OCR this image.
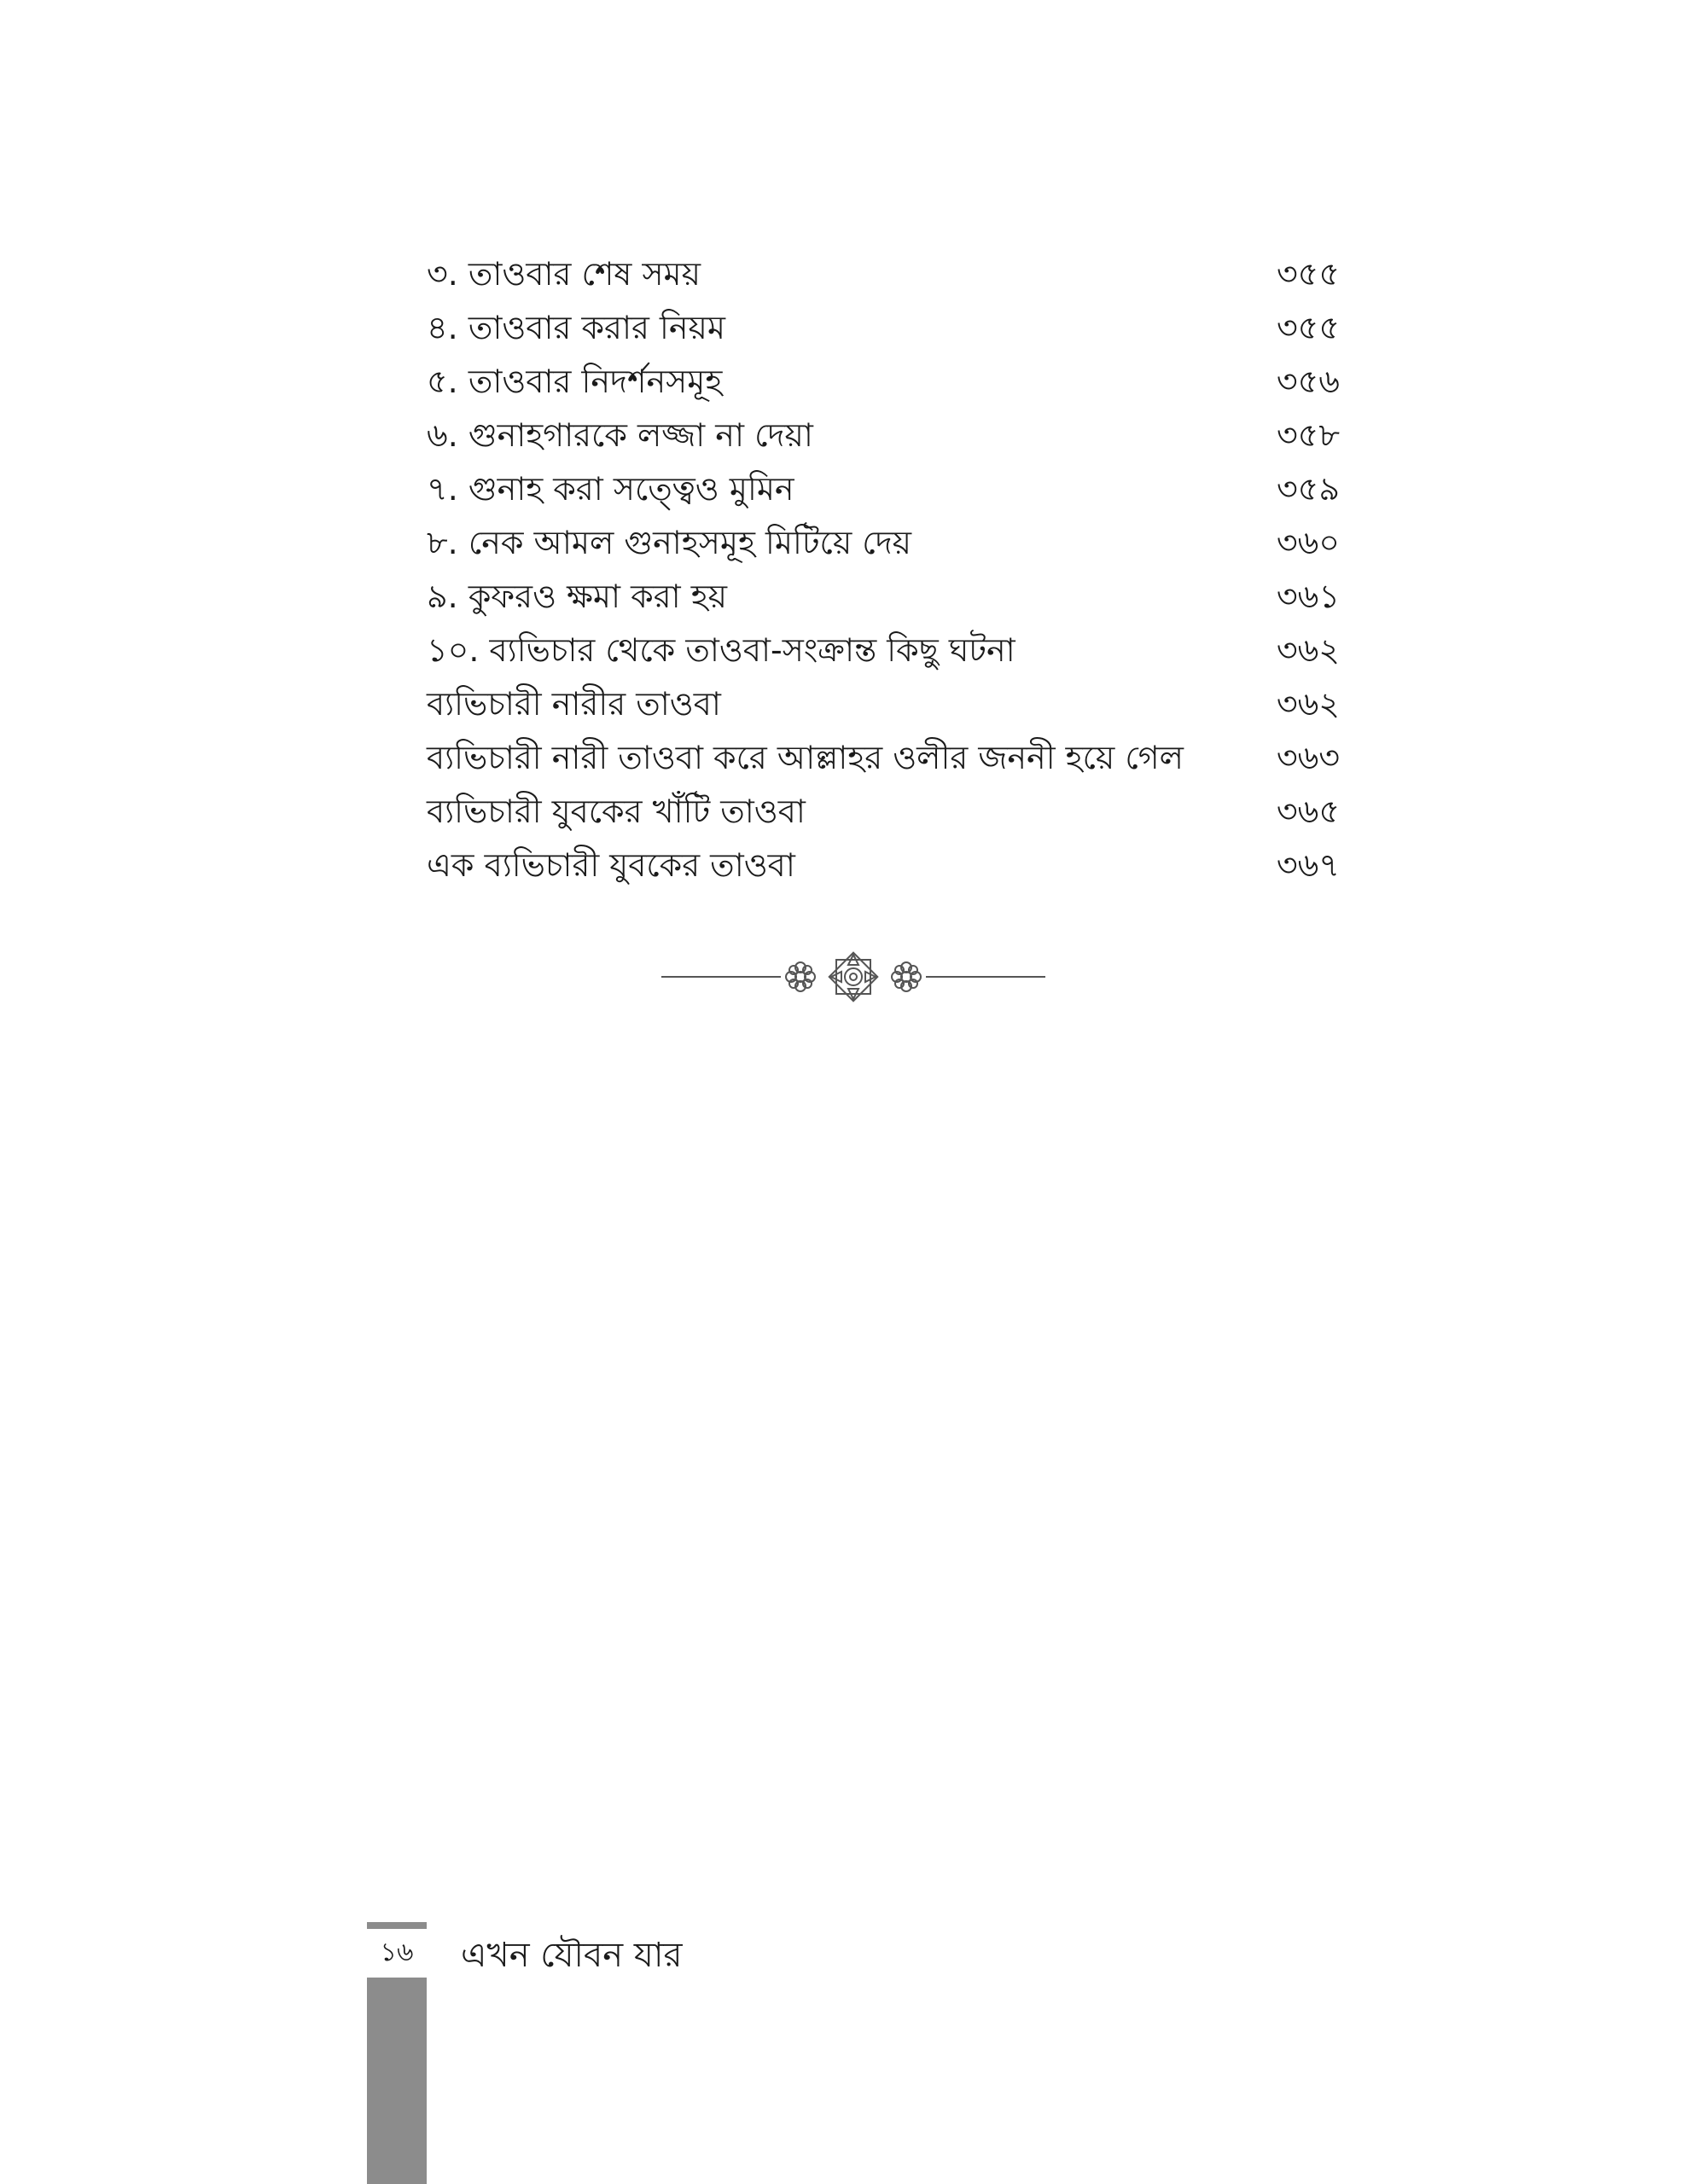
৩. তাওবার শেষ সময়	৩৫৫
৪. তাওবার করার নিয়ম	৩৫৫
৫. তাওবার নিদর্শনসমূহ	৩৫৬
৬. গুনাহগারকে লজ্জা না দেয়া	৩৫৮
৭. গুনাহ করা সত্ত্বেও মুমিন	৩৫৯
৮. নেক আমল গুনাহসমূহ মিটিয়ে দেয়	৩৬০
৯. কুফরও ক্ষমা করা হয়	৩৬১
১০. ব্যভিচার থেকে তাওবা-সংক্রান্ত কিছু ঘটনা	৩৬২
ব্যভিচারী নারীর তাওবা	৩৬২
ব্যভিচারী নারী তাওবা করে আল্লাহর ওলীর জননী হয়ে গেল	৩৬৩
ব্যভিচারী যুবকের খাঁটি তাওবা	৩৬৫
এক ব্যভিচারী যুবকের তাওবা	৩৬৭
১৬	এখন যৌবন যার
